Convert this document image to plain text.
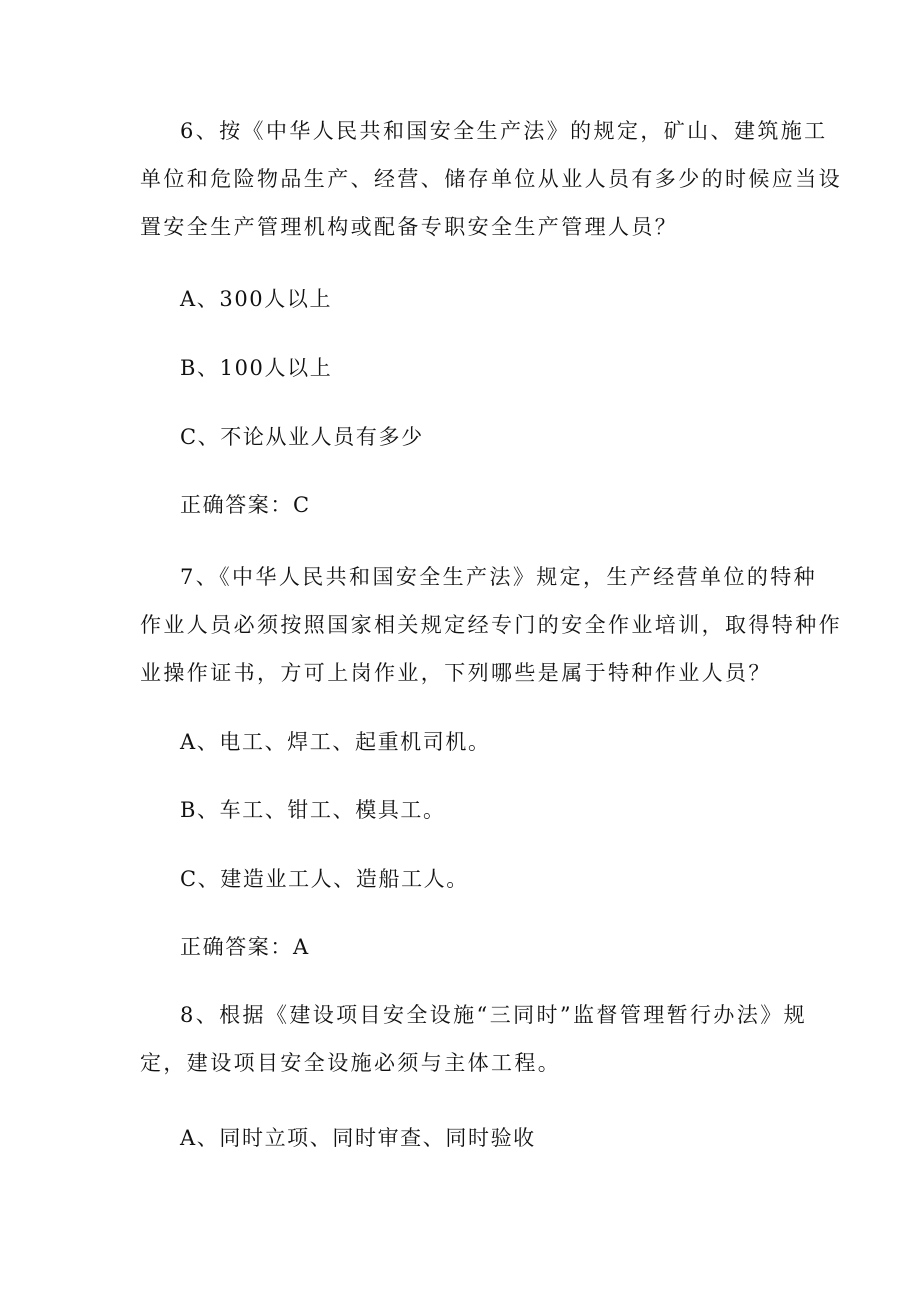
6、按《中华人民共和国安全生产法》的规定，矿山、建筑施工
单位和危险物品生产、经营、储存单位从业人员有多少的时候应当设
置安全生产管理机构或配备专职安全生产管理人员？
A、300人以上
B、100人以上
C、不论从业人员有多少
正确答案：C
7、《中华人民共和国安全生产法》规定，生产经营单位的特种
作业人员必须按照国家相关规定经专门的安全作业培训，取得特种作
业操作证书，方可上岗作业，下列哪些是属于特种作业人员？
A、电工、焊工、起重机司机。
B、车工、钳工、模具工。
C、建造业工人、造船工人。
正确答案：A
8、根据《建设项目安全设施“三同时”监督管理暂行办法》规
定，建设项目安全设施必须与主体工程。
A、同时立项、同时审查、同时验收
